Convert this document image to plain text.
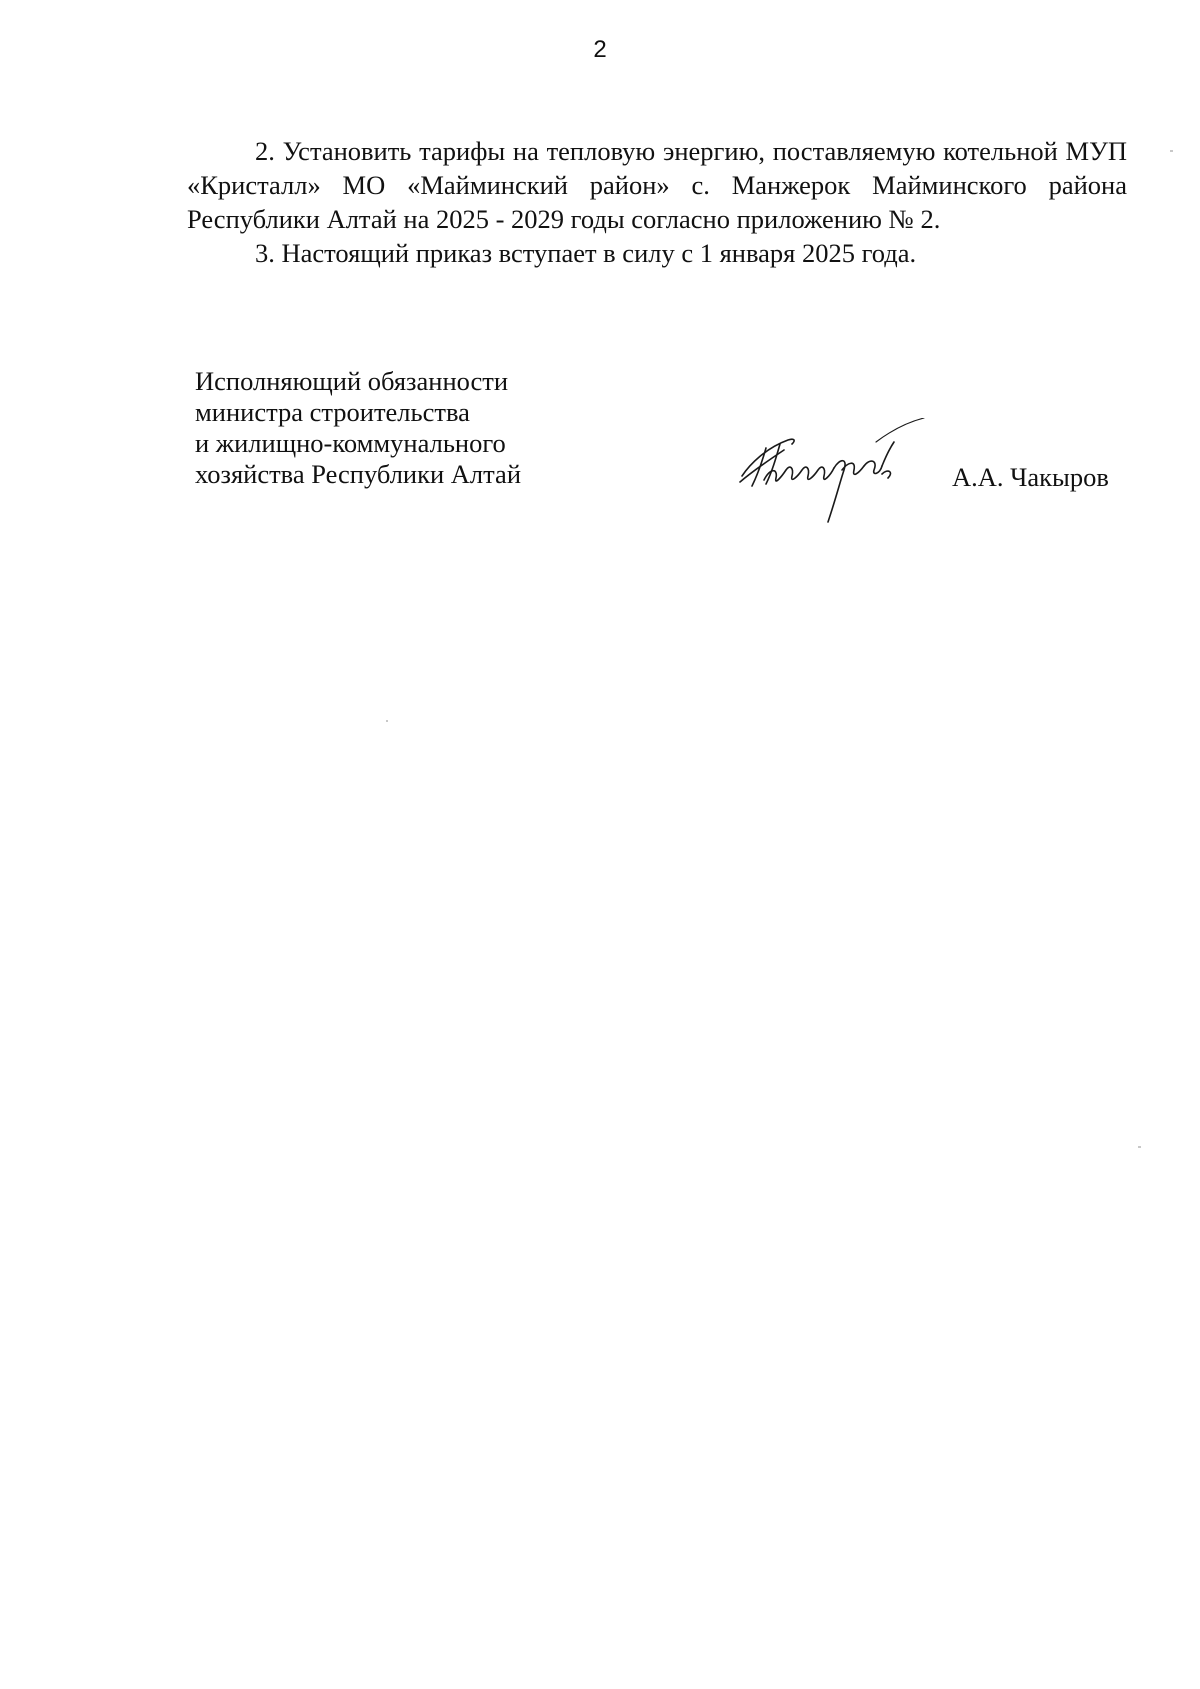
2

2. Установить тарифы на тепловую энергию, поставляемую котельной МУП «Кристалл» МО «Майминский район» с. Манжерок Майминского района Республики Алтай на 2025 - 2029 годы согласно приложению № 2.

3. Настоящий приказ вступает в силу с 1 января 2025 года.

Исполняющий обязанности
министра строительства
и жилищно-коммунального
хозяйства Республики Алтай	А.А. Чакыров
